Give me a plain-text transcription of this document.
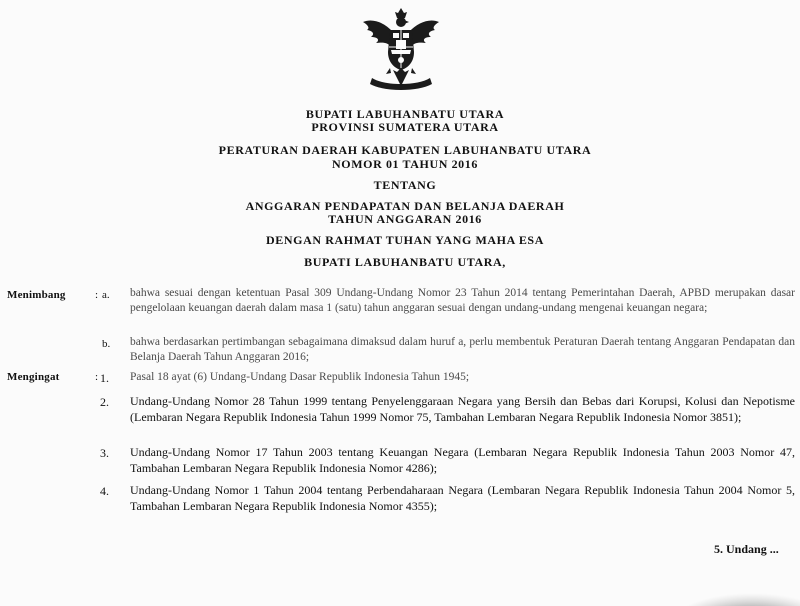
BUPATI LABUHANBATU UTARA
PROVINSI SUMATERA UTARA
PERATURAN DAERAH KABUPATEN LABUHANBATU UTARA
NOMOR 01 TAHUN 2016
TENTANG
ANGGARAN PENDAPATAN DAN BELANJA DAERAH
TAHUN ANGGARAN 2016
DENGAN RAHMAT TUHAN YANG MAHA ESA
BUPATI LABUHANBATU UTARA,
Menimbang	: a. bahwa sesuai dengan ketentuan Pasal 309 Undang-Undang Nomor 23 Tahun 2014 tentang Pemerintahan Daerah, APBD merupakan dasar pengelolaan keuangan daerah dalam masa 1 (satu) tahun anggaran sesuai dengan undang-undang mengenai keuangan negara;
b. bahwa berdasarkan pertimbangan sebagaimana dimaksud dalam huruf a, perlu membentuk Peraturan Daerah tentang Anggaran Pendapatan dan Belanja Daerah Tahun Anggaran 2016;
Mengingat	: 1. Pasal 18 ayat (6) Undang-Undang Dasar Republik Indonesia Tahun 1945;
2. Undang-Undang Nomor 28 Tahun 1999 tentang Penyelenggaraan Negara yang Bersih dan Bebas dari Korupsi, Kolusi dan Nepotisme (Lembaran Negara Republik Indonesia Tahun 1999 Nomor 75, Tambahan Lembaran Negara Republik Indonesia Nomor 3851);
3. Undang-Undang Nomor 17 Tahun 2003 tentang Keuangan Negara (Lembaran Negara Republik Indonesia Tahun 2003 Nomor 47, Tambahan Lembaran Negara Republik Indonesia Nomor 4286);
4. Undang-Undang Nomor 1 Tahun 2004 tentang Perbendaharaan Negara (Lembaran Negara Republik Indonesia Tahun 2004 Nomor 5, Tambahan Lembaran Negara Republik Indonesia Nomor 4355);
5. Undang ...
